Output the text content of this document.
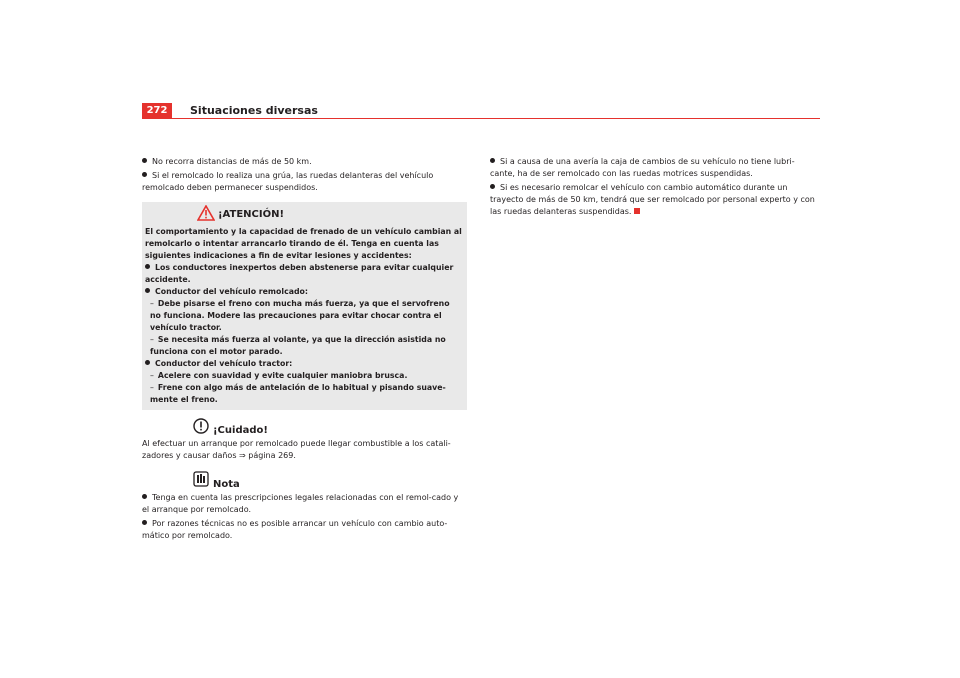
272	Situaciones diversas

No recorra distancias de más de 50 km.

Si el remolcado lo realiza una grúa, las ruedas delanteras del vehículo remolcado deben permanecer suspendidos.

¡ATENCIÓN!

El comportamiento y la capacidad de frenado de un vehículo cambian al remolcarlo o intentar arrancarlo tirando de él. Tenga en cuenta las siguientes indicaciones a fin de evitar lesiones y accidentes:

Los conductores inexpertos deben abstenerse para evitar cualquier accidente.

Conductor del vehículo remolcado:

– Debe pisarse el freno con mucha más fuerza, ya que el servofreno no funciona. Modere las precauciones para evitar chocar contra el vehículo tractor.

– Se necesita más fuerza al volante, ya que la dirección asistida no funciona con el motor parado.

Conductor del vehículo tractor:

– Acelere con suavidad y evite cualquier maniobra brusca.

– Frene con algo más de antelación de lo habitual y pisando suave-mente el freno.

¡Cuidado!

Al efectuar un arranque por remolcado puede llegar combustible a los catali-zadores y causar daños ⇒ página 269.

Nota

Tenga en cuenta las prescripciones legales relacionadas con el remol-cado y el arranque por remolcado.

Por razones técnicas no es posible arrancar un vehículo con cambio auto-mático por remolcado.

Si a causa de una avería la caja de cambios de su vehículo no tiene lubri-cante, ha de ser remolcado con las ruedas motrices suspendidas.

Si es necesario remolcar el vehículo con cambio automático durante un trayecto de más de 50 km, tendrá que ser remolcado por personal experto y con las ruedas delanteras suspendidas.
